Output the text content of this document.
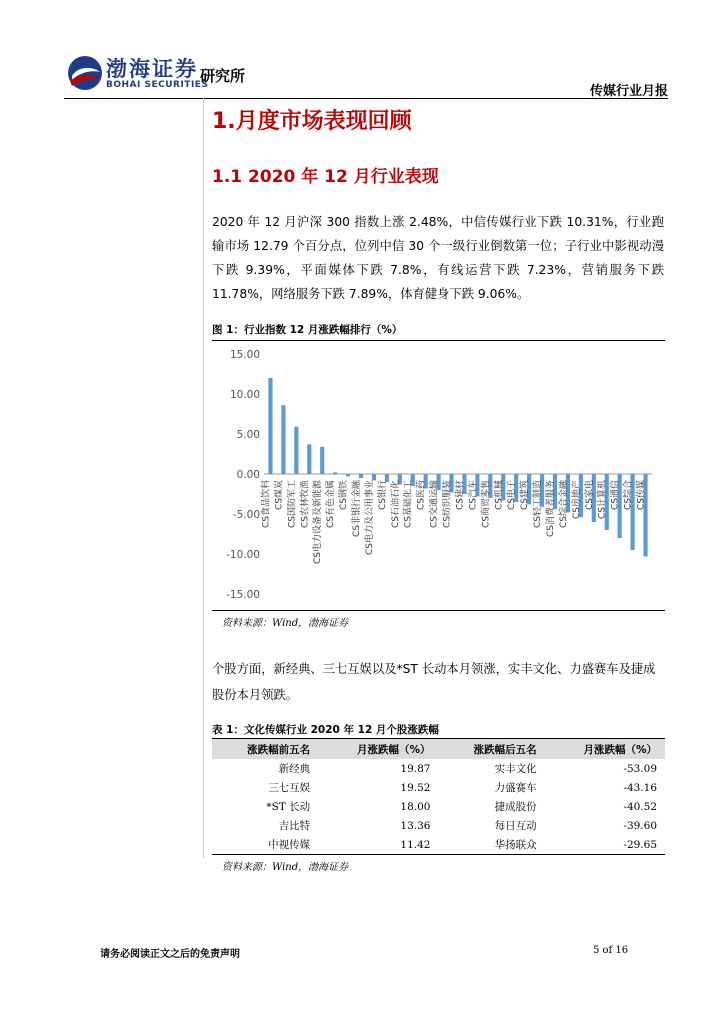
渤海证券
BOHAI SECURITIES
研究所
传媒行业月报
1.月度市场表现回顾
1.1 2020 年 12 月行业表现
2020 年 12 月沪深 300 指数上涨 2.48%，中信传媒行业下跌 10.31%，行业跑输市场 12.79 个百分点，位列中信 30 个一级行业倒数第一位；子行业中影视动漫下跌 9.39%，平面媒体下跌 7.8%，有线运营下跌 7.23%，营销服务下跌 11.78%，网络服务下跌 7.89%，体育健身下跌 9.06%。
图 1：行业指数 12 月涨跌幅排行（%）
15.00
10.00
5.00
0.00
-5.00
-10.00
-15.00
CS食品饮料 CS煤炭 CS国防军工 CS农林牧渔 CS电力设备及新能源 CS有色金属 CS钢铁 CS非银行金融 CS电力及公用事业 CS银行 CS石油石化 CS基础化工 CS医药 CS交通运输 CS纺织服装 CS建材 CS汽车 CS商贸零售 CS机械 CS电子 CS建筑 CS轻工制造 CS消费者服务 CS综合金融 CS房地产 CS家电 CS计算机 CS通信 CS综合 CS传媒
资料来源：Wind，渤海证券
个股方面，新经典、三七互娱以及*ST 长动本月领涨，实丰文化、力盛赛车及捷成股份本月领跌。
表 1：文化传媒行业 2020 年 12 月个股涨跌幅
涨跌幅前五名	月涨跌幅（%）	涨跌幅后五名	月涨跌幅（%）
新经典	19.87	实丰文化	-53.09
三七互娱	19.52	力盛赛车	-43.16
*ST 长动	18.00	捷成股份	-40.52
吉比特	13.36	每日互动	-39.60
中视传媒	11.42	华扬联众	-29.65
资料来源：Wind，渤海证券
请务必阅读正文之后的免责声明	5 of 16
